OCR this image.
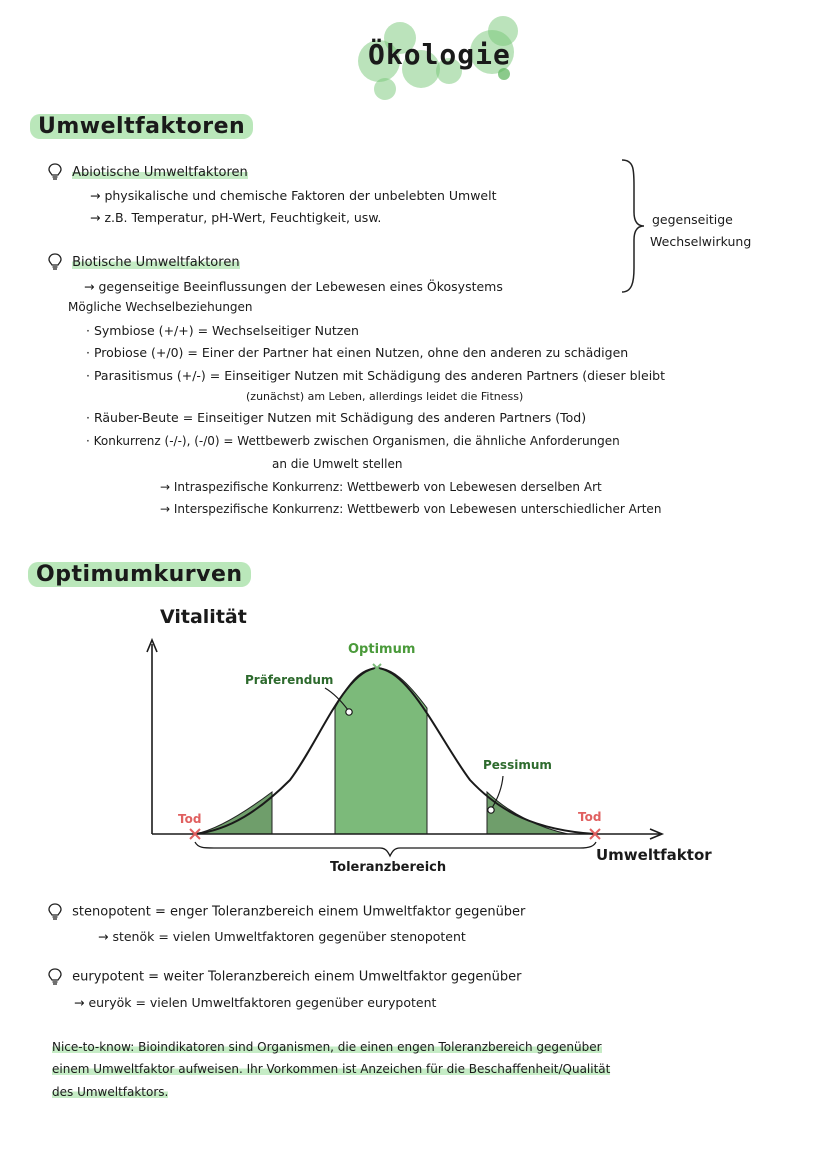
Ökologie
Umweltfaktoren
Abiotische Umweltfaktoren
→ physikalische und chemische Faktoren der unbelebten Umwelt
→ z.B. Temperatur, pH-Wert, Feuchtigkeit, usw.	gegenseitige
Wechselwirkung
Biotische Umweltfaktoren
→ gegenseitige Beeinflussungen der Lebewesen eines Ökosystems
Mögliche Wechselbeziehungen
· Symbiose (+/+) = Wechselseitiger Nutzen
· Probiose (+/0) = Einer der Partner hat einen Nutzen, ohne den anderen zu schädigen
· Parasitismus (+/-) = Einseitiger Nutzen mit Schädigung des anderen Partners (dieser bleibt
(zunächst) am Leben, allerdings leidet die Fitness)
· Räuber-Beute = Einseitiger Nutzen mit Schädigung des anderen Partners (Tod)
· Konkurrenz (-/-), (-/0) = Wettbewerb zwischen Organismen, die ähnliche Anforderungen
an die Umwelt stellen
→ Intraspezifische Konkurrenz: Wettbewerb von Lebewesen derselben Art
→ Interspezifische Konkurrenz: Wettbewerb von Lebewesen unterschiedlicher Arten
Optimumkurven
Vitalität
Optimum
Präferendum
Pessimum
Tod	Tod
Umweltfaktor
Toleranzbereich
stenopotent = enger Toleranzbereich einem Umweltfaktor gegenüber
→ stenök = vielen Umweltfaktoren gegenüber stenopotent
eurypotent = weiter Toleranzbereich einem Umweltfaktor gegenüber
→ euryök = vielen Umweltfaktoren gegenüber eurypotent
Nice-to-know: Bioindikatoren sind Organismen, die einen engen Toleranzbereich gegenüber
einem Umweltfaktor aufweisen. Ihr Vorkommen ist Anzeichen für die Beschaffenheit/Qualität
des Umweltfaktors.
